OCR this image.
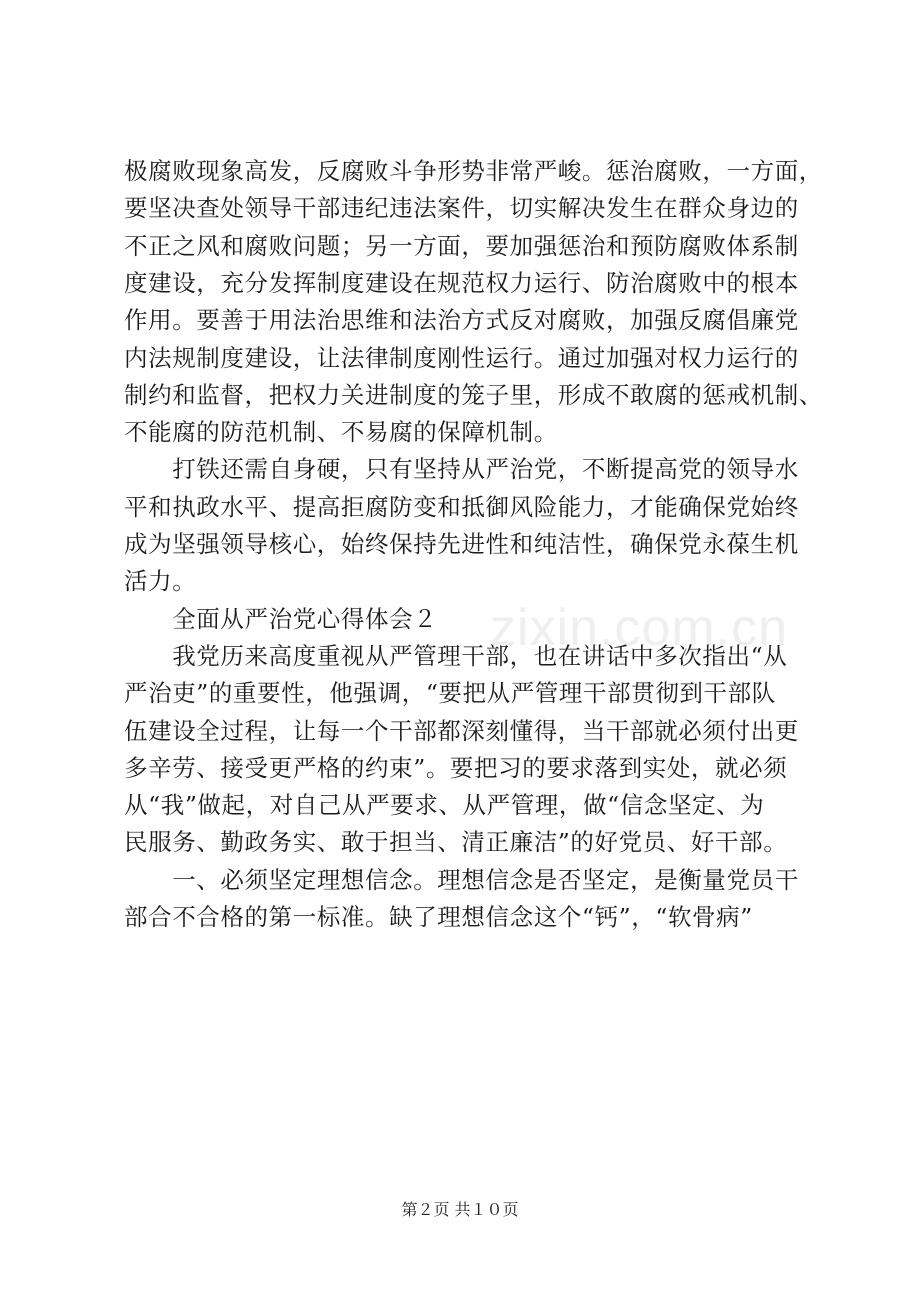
极腐败现象高发，反腐败斗争形势非常严峻。惩治腐败，一方面，
要坚决查处领导干部违纪违法案件，切实解决发生在群众身边的
不正之风和腐败问题；另一方面，要加强惩治和预防腐败体系制
度建设，充分发挥制度建设在规范权力运行、防治腐败中的根本
作用。要善于用法治思维和法治方式反对腐败，加强反腐倡廉党
内法规制度建设，让法律制度刚性运行。通过加强对权力运行的
制约和监督，把权力关进制度的笼子里，形成不敢腐的惩戒机制、
不能腐的防范机制、不易腐的保障机制。
　　打铁还需自身硬，只有坚持从严治党，不断提高党的领导水
平和执政水平、提高拒腐防变和抵御风险能力，才能确保党始终
成为坚强领导核心，始终保持先进性和纯洁性，确保党永葆生机
活力。
　　全面从严治党心得体会２
　　我党历来高度重视从严管理干部，也在讲话中多次指出“从
严治吏”的重要性，他强调，“要把从严管理干部贯彻到干部队
伍建设全过程，让每一个干部都深刻懂得，当干部就必须付出更
多辛劳、接受更严格的约束”。要把习的要求落到实处，就必须
从“我”做起，对自己从严要求、从严管理，做“信念坚定、为
民服务、勤政务实、敢于担当、清正廉洁”的好党员、好干部。
　　一、必须坚定理想信念。理想信念是否坚定，是衡量党员干
部合不合格的第一标准。缺了理想信念这个“钙”，“软骨病”
zixin.com.cn
第２页 共１０页
